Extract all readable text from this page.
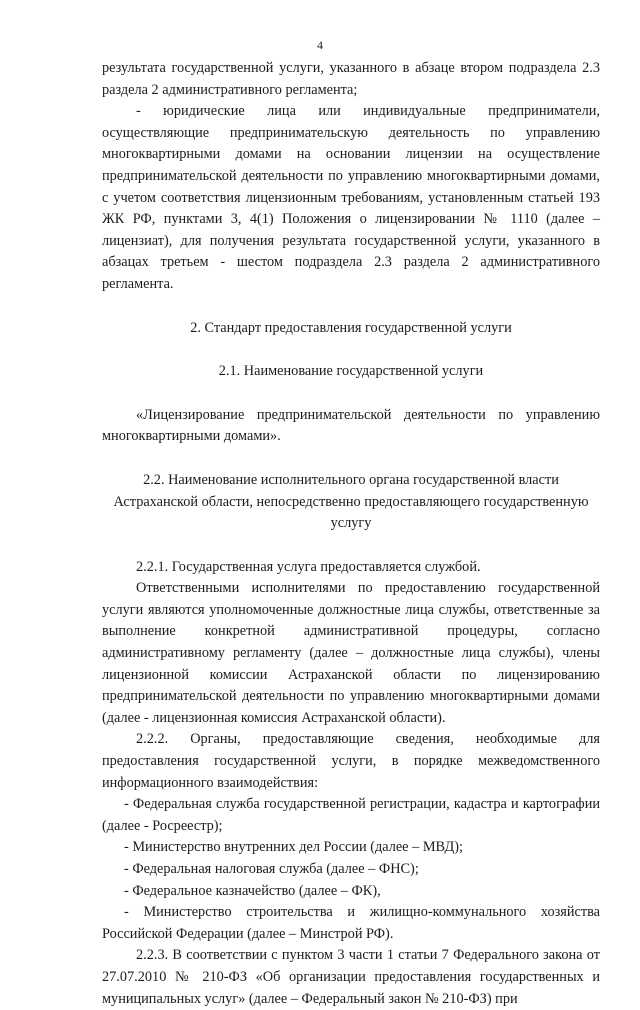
4

результата государственной услуги, указанного в абзаце втором подраздела 2.3 раздела 2 административного регламента;

- юридические лица или индивидуальные предприниматели, осуществляющие предпринимательскую деятельность по управлению многоквартирными домами на основании лицензии на осуществление предпринимательской деятельности по управлению многоквартирными домами, с учетом соответствия лицензионным требованиям, установленным статьей 193 ЖК РФ, пунктами 3, 4(1) Положения о лицензировании № 1110 (далее – лицензиат), для получения результата государственной услуги, указанного в абзацах третьем - шестом подраздела 2.3 раздела 2 административного регламента.

2. Стандарт предоставления государственной услуги

2.1. Наименование государственной услуги

«Лицензирование предпринимательской деятельности по управлению многоквартирными домами».

2.2. Наименование исполнительного органа государственной власти Астраханской области, непосредственно предоставляющего государственную услугу

2.2.1. Государственная услуга предоставляется службой.

Ответственными исполнителями по предоставлению государственной услуги являются уполномоченные должностные лица службы, ответственные за выполнение конкретной административной процедуры, согласно административному регламенту (далее – должностные лица службы), члены лицензионной комиссии Астраханской области по лицензированию предпринимательской деятельности по управлению многоквартирными домами (далее - лицензионная комиссия Астраханской области).

2.2.2. Органы, предоставляющие сведения, необходимые для предоставления государственной услуги, в порядке межведомственного информационного взаимодействия:

- Федеральная служба государственной регистрации, кадастра и картографии (далее - Росреестр);

- Министерство внутренних дел России (далее – МВД);

- Федеральная налоговая служба (далее – ФНС);

- Федеральное казначейство (далее – ФК),

- Министерство строительства и жилищно-коммунального хозяйства Российской Федерации (далее – Минстрой РФ).

2.2.3. В соответствии с пунктом 3 части 1 статьи 7 Федерального закона от 27.07.2010 № 210-ФЗ «Об организации предоставления государственных и муниципальных услуг» (далее – Федеральный закон № 210-ФЗ) при
